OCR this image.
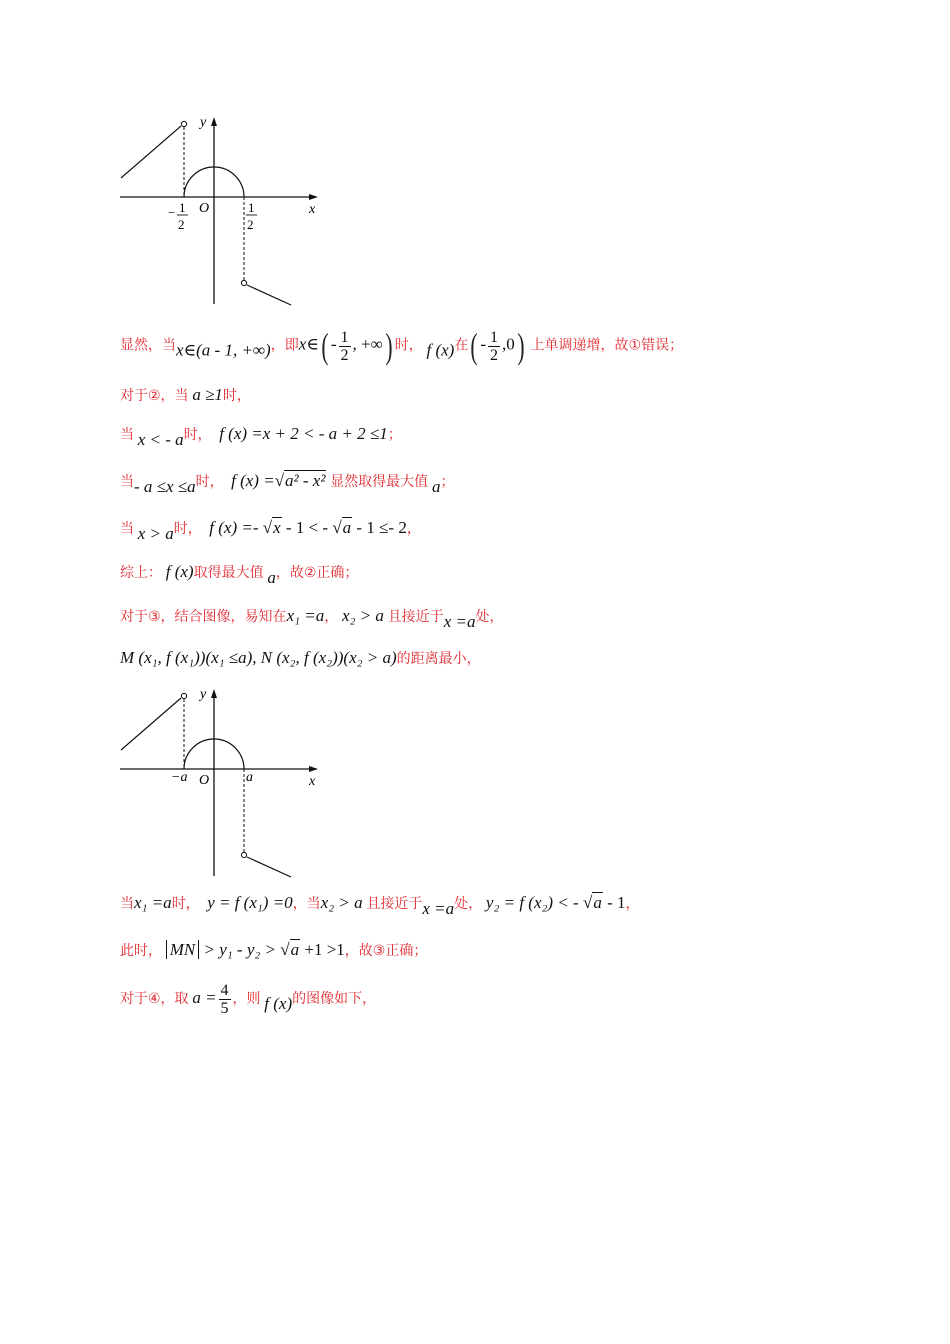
y
x
O
− 1
2
1
2
显然，当x∈(a - 1, +∞)，即x∈( - $\frac{1}{2}$ , +∞) 时， f (x)在( - $\frac{1}{2} ,0$) 上单调递增，故①错误；
对于②，当 a ≥1时，
当 x < - a时， f (x) =x + 2 < - a + 2 ≤1；
当- a ≤x ≤a时， f (x) =√a² - x² 显然取得最大值 a；
当 x > a时， f (x) =- √x - 1 < - √a - 1 ≤- 2，
综上： f (x)取得最大值 a，故②正确；
对于③，结合图像，易知在x₁ =a， x₂ > a 且接近于x =a处，
M (x₁, f (x₁))(x₁ ≤a), N (x₂, f (x₂))(x₂ > a)的距离最小，
y
x
O
−a	a
当x₁ =a时， y = f (x₁) =0，当x₂ > a 且接近于x =a处， y₂ = f (x₂) < - √a - 1，
此时， MN > y₁ - y₂ > √a +1 >1，故③正确；
对于④，取 $a = \frac{4}{5}$ ，则 f (x)的图像如下，
